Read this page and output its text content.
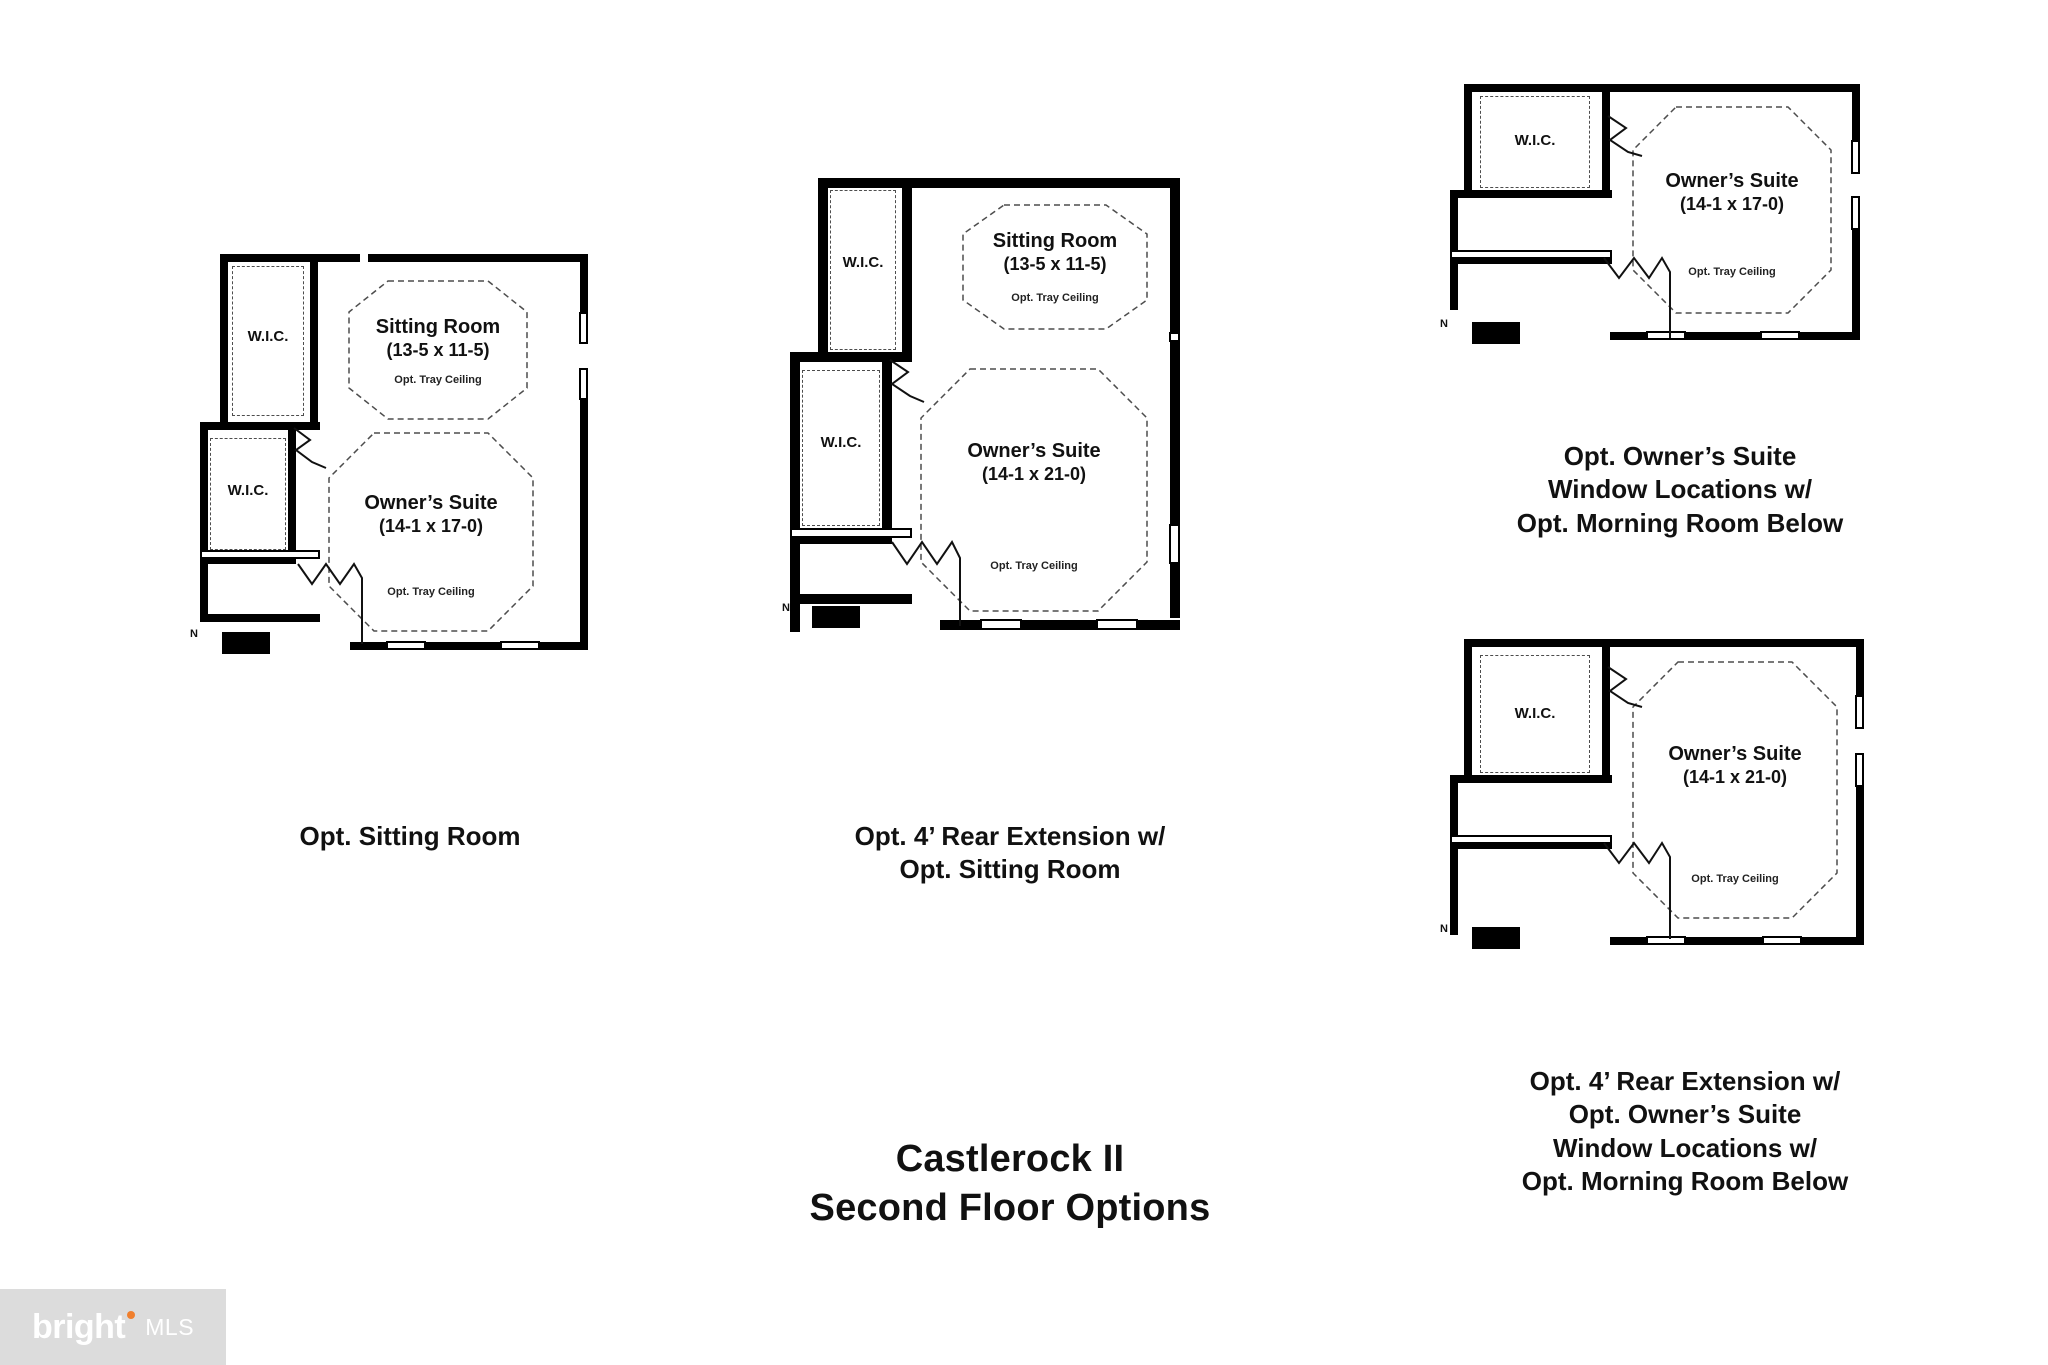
W.I.C.
W.I.C.
Sitting Room
(13-5 x 11-5)
Opt. Tray Ceiling
Owner’s Suite
(14-1 x 17-0)
Opt. Tray Ceiling
N
Opt. Sitting Room
W.I.C.
W.I.C.
Sitting Room
(13-5 x 11-5)
Opt. Tray Ceiling
Owner’s Suite
(14-1 x 21-0)
Opt. Tray Ceiling
N
Opt. 4’ Rear Extension w/
Opt. Sitting Room
W.I.C.
Owner’s Suite
(14-1 x 17-0)
Opt. Tray Ceiling
N
Opt. Owner’s Suite
Window Locations w/
Opt. Morning Room Below
W.I.C.
Owner’s Suite
(14-1 x 21-0)
Opt. Tray Ceiling
N
Opt. 4’ Rear Extension w/
Opt. Owner’s Suite
Window Locations w/
Opt. Morning Room Below
Castlerock II
Second Floor Options
bright MLS
